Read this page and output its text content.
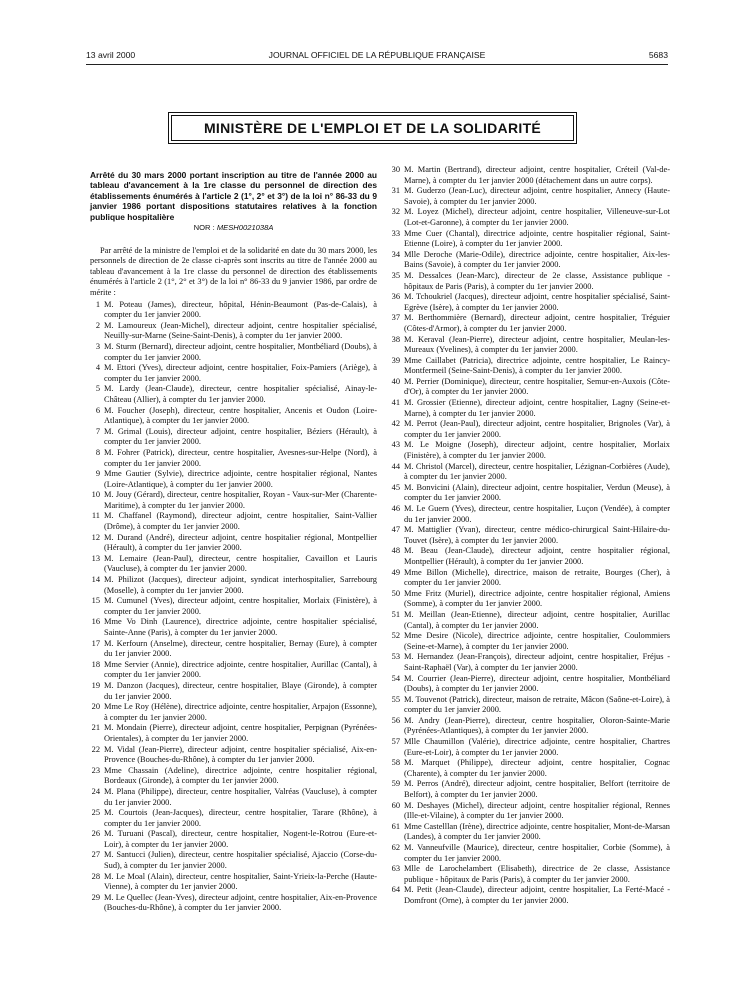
13 avril 2000	JOURNAL OFFICIEL DE LA RÉPUBLIQUE FRANÇAISE	5683
MINISTÈRE DE L'EMPLOI ET DE LA SOLIDARITÉ
Arrêté du 30 mars 2000 portant inscription au titre de l'année 2000 au tableau d'avancement à la 1re classe du personnel de direction des établissements énumérés à l'article 2 (1°, 2° et 3°) de la loi n° 86-33 du 9 janvier 1986 portant dispositions statutaires relatives à la fonction publique hospitalière
NOR : MESH0021038A
Par arrêté de la ministre de l'emploi et de la solidarité en date du 30 mars 2000, les personnels de direction de 2e classe ci-après sont inscrits au titre de l'année 2000 au tableau d'avancement à la 1re classe du personnel de direction des établissements énumérés à l'article 2 (1°, 2° et 3°) de la loi n° 86-33 du 9 janvier 1986, par ordre de mérite :
1 M. Poteau (James), directeur, hôpital, Hénin-Beaumont (Pas-de-Calais), à compter du 1er janvier 2000.
2 M. Lamoureux (Jean-Michel), directeur adjoint, centre hospitalier spécialisé, Neuilly-sur-Marne (Seine-Saint-Denis), à compter du 1er janvier 2000.
3 M. Sturm (Bernard), directeur adjoint, centre hospitalier, Montbéliard (Doubs), à compter du 1er janvier 2000.
4 M. Ettori (Yves), directeur adjoint, centre hospitalier, Foix-Pamiers (Ariège), à compter du 1er janvier 2000.
5 M. Lardy (Jean-Claude), directeur, centre hospitalier spécialisé, Ainay-le-Château (Allier), à compter du 1er janvier 2000.
6 M. Foucher (Joseph), directeur, centre hospitalier, Ancenis et Oudon (Loire-Atlantique), à compter du 1er janvier 2000.
7 M. Grimal (Louis), directeur adjoint, centre hospitalier, Béziers (Hérault), à compter du 1er janvier 2000.
8 M. Fohrer (Patrick), directeur, centre hospitalier, Avesnes-sur-Helpe (Nord), à compter du 1er janvier 2000.
9 Mme Gautier (Sylvie), directrice adjointe, centre hospitalier régional, Nantes (Loire-Atlantique), à compter du 1er janvier 2000.
10 M. Jouy (Gérard), directeur, centre hospitalier, Royan - Vaux-sur-Mer (Charente-Maritime), à compter du 1er janvier 2000.
11 M. Chaffanel (Raymond), directeur adjoint, centre hospitalier, Saint-Vallier (Drôme), à compter du 1er janvier 2000.
12 M. Durand (André), directeur adjoint, centre hospitalier régional, Montpellier (Hérault), à compter du 1er janvier 2000.
13 M. Lemaire (Jean-Paul), directeur, centre hospitalier, Cavaillon et Lauris (Vaucluse), à compter du 1er janvier 2000.
14 M. Philizot (Jacques), directeur adjoint, syndicat interhospitalier, Sarrebourg (Moselle), à compter du 1er janvier 2000.
15 M. Cumunel (Yves), directeur adjoint, centre hospitalier, Morlaix (Finistère), à compter du 1er janvier 2000.
16 Mme Vo Dinh (Laurence), directrice adjointe, centre hospitalier spécialisé, Sainte-Anne (Paris), à compter du 1er janvier 2000.
17 M. Kerfourn (Anselme), directeur, centre hospitalier, Bernay (Eure), à compter du 1er janvier 2000.
18 Mme Servier (Annie), directrice adjointe, centre hospitalier, Aurillac (Cantal), à compter du 1er janvier 2000.
19 M. Danzon (Jacques), directeur, centre hospitalier, Blaye (Gironde), à compter du 1er janvier 2000.
20 Mme Le Roy (Hélène), directrice adjointe, centre hospitalier, Arpajon (Essonne), à compter du 1er janvier 2000.
21 M. Mondain (Pierre), directeur adjoint, centre hospitalier, Perpignan (Pyrénées-Orientales), à compter du 1er janvier 2000.
22 M. Vidal (Jean-Pierre), directeur adjoint, centre hospitalier spécialisé, Aix-en-Provence (Bouches-du-Rhône), à compter du 1er janvier 2000.
23 Mme Chassain (Adeline), directrice adjointe, centre hospitalier régional, Bordeaux (Gironde), à compter du 1er janvier 2000.
24 M. Plana (Philippe), directeur, centre hospitalier, Valréas (Vaucluse), à compter du 1er janvier 2000.
25 M. Courtois (Jean-Jacques), directeur, centre hospitalier, Tarare (Rhône), à compter du 1er janvier 2000.
26 M. Turuani (Pascal), directeur, centre hospitalier, Nogent-le-Rotrou (Eure-et-Loir), à compter du 1er janvier 2000.
27 M. Santucci (Julien), directeur, centre hospitalier spécialisé, Ajaccio (Corse-du-Sud), à compter du 1er janvier 2000.
28 M. Le Moal (Alain), directeur, centre hospitalier, Saint-Yrieix-la-Perche (Haute-Vienne), à compter du 1er janvier 2000.
29 M. Le Quellec (Jean-Yves), directeur adjoint, centre hospitalier, Aix-en-Provence (Bouches-du-Rhône), à compter du 1er janvier 2000.
30 M. Martin (Bertrand), directeur adjoint, centre hospitalier, Créteil (Val-de-Marne), à compter du 1er janvier 2000 (détachement dans un autre corps).
31 M. Guderzo (Jean-Luc), directeur adjoint, centre hospitalier, Annecy (Haute-Savoie), à compter du 1er janvier 2000.
32 M. Loyez (Michel), directeur adjoint, centre hospitalier, Villeneuve-sur-Lot (Lot-et-Garonne), à compter du 1er janvier 2000.
33 Mme Cuer (Chantal), directrice adjointe, centre hospitalier régional, Saint-Etienne (Loire), à compter du 1er janvier 2000.
34 Mlle Deroche (Marie-Odile), directrice adjointe, centre hospitalier, Aix-les-Bains (Savoie), à compter du 1er janvier 2000.
35 M. Dessalces (Jean-Marc), directeur de 2e classe, Assistance publique - hôpitaux de Paris (Paris), à compter du 1er janvier 2000.
36 M. Tchoukriel (Jacques), directeur adjoint, centre hospitalier spécialisé, Saint-Egrève (Isère), à compter du 1er janvier 2000.
37 M. Berthommière (Bernard), directeur adjoint, centre hospitalier, Tréguier (Côtes-d'Armor), à compter du 1er janvier 2000.
38 M. Keraval (Jean-Pierre), directeur adjoint, centre hospitalier, Meulan-les-Mureaux (Yvelines), à compter du 1er janvier 2000.
39 Mme Caillabet (Patricia), directrice adjointe, centre hospitalier, Le Raincy-Montfermeil (Seine-Saint-Denis), à compter du 1er janvier 2000.
40 M. Perrier (Dominique), directeur, centre hospitalier, Semur-en-Auxois (Côte-d'Or), à compter du 1er janvier 2000.
41 M. Grossier (Etienne), directeur adjoint, centre hospitalier, Lagny (Seine-et-Marne), à compter du 1er janvier 2000.
42 M. Perrot (Jean-Paul), directeur adjoint, centre hospitalier, Brignoles (Var), à compter du 1er janvier 2000.
43 M. Le Moigne (Joseph), directeur adjoint, centre hospitalier, Morlaix (Finistère), à compter du 1er janvier 2000.
44 M. Christol (Marcel), directeur, centre hospitalier, Lézignan-Corbières (Aude), à compter du 1er janvier 2000.
45 M. Bonvicini (Alain), directeur adjoint, centre hospitalier, Verdun (Meuse), à compter du 1er janvier 2000.
46 M. Le Guern (Yves), directeur, centre hospitalier, Luçon (Vendée), à compter du 1er janvier 2000.
47 M. Mattiglier (Yvan), directeur, centre médico-chirurgical Saint-Hilaire-du-Touvet (Isère), à compter du 1er janvier 2000.
48 M. Beau (Jean-Claude), directeur adjoint, centre hospitalier régional, Montpellier (Hérault), à compter du 1er janvier 2000.
49 Mme Billon (Michelle), directrice, maison de retraite, Bourges (Cher), à compter du 1er janvier 2000.
50 Mme Fritz (Muriel), directrice adjointe, centre hospitalier régional, Amiens (Somme), à compter du 1er janvier 2000.
51 M. Meillan (Jean-Etienne), directeur adjoint, centre hospitalier, Aurillac (Cantal), à compter du 1er janvier 2000.
52 Mme Desire (Nicole), directrice adjointe, centre hospitalier, Coulommiers (Seine-et-Marne), à compter du 1er janvier 2000.
53 M. Hernandez (Jean-François), directeur adjoint, centre hospitalier, Fréjus - Saint-Raphaël (Var), à compter du 1er janvier 2000.
54 M. Courrier (Jean-Pierre), directeur adjoint, centre hospitalier, Montbéliard (Doubs), à compter du 1er janvier 2000.
55 M. Touvenot (Patrick), directeur, maison de retraite, Mâcon (Saône-et-Loire), à compter du 1er janvier 2000.
56 M. Andry (Jean-Pierre), directeur, centre hospitalier, Oloron-Sainte-Marie (Pyrénées-Atlantiques), à compter du 1er janvier 2000.
57 Mlle Chaumillon (Valérie), directrice adjointe, centre hospitalier, Chartres (Eure-et-Loir), à compter du 1er janvier 2000.
58 M. Marquet (Philippe), directeur adjoint, centre hospitalier, Cognac (Charente), à compter du 1er janvier 2000.
59 M. Perros (André), directeur adjoint, centre hospitalier, Belfort (territoire de Belfort), à compter du 1er janvier 2000.
60 M. Deshayes (Michel), directeur adjoint, centre hospitalier régional, Rennes (Ille-et-Vilaine), à compter du 1er janvier 2000.
61 Mme Castelllan (Irène), directrice adjointe, centre hospitalier, Mont-de-Marsan (Landes), à compter du 1er janvier 2000.
62 M. Vanneufville (Maurice), directeur, centre hospitalier, Corbie (Somme), à compter du 1er janvier 2000.
63 Mlle de Larochelambert (Elisabeth), directrice de 2e classe, Assistance publique - hôpitaux de Paris (Paris), à compter du 1er janvier 2000.
64 M. Petit (Jean-Claude), directeur adjoint, centre hospitalier, La Ferté-Macé - Domfront (Orne), à compter du 1er janvier 2000.
